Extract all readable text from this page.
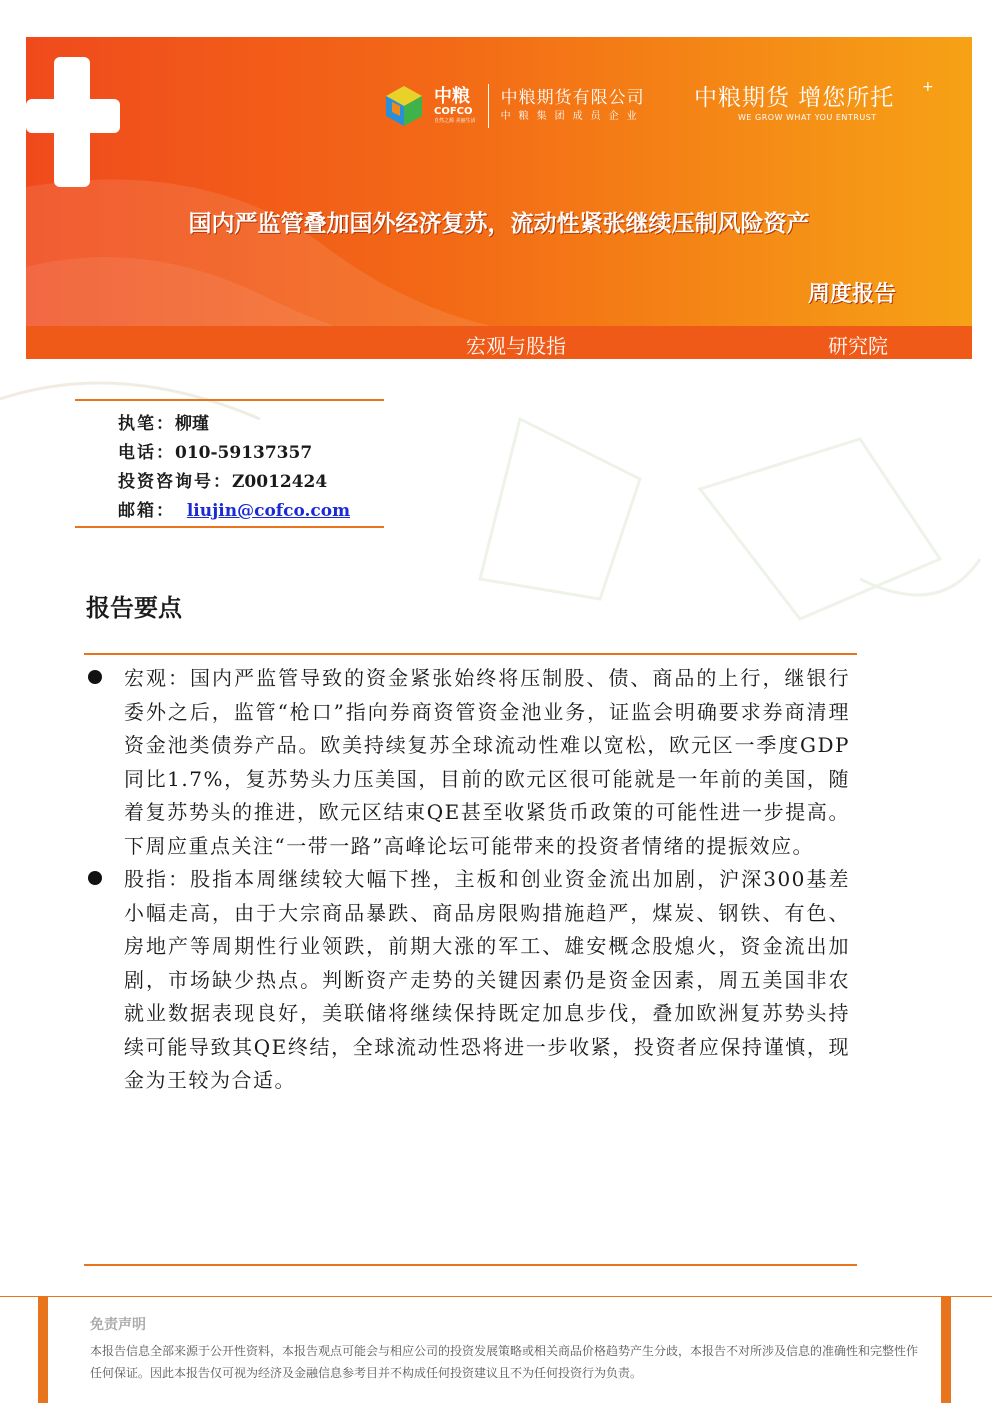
中粮
COFCO
自然之源 美丽生活
中粮期货有限公司
中粮集团成员企业
中粮期货 增您所托
WE GROW WHAT YOU ENTRUST
+
国内严监管叠加国外经济复苏，流动性紧张继续压制风险资产
周度报告
宏观与股指	研究院
执笔：柳瑾
电话：010-59137357
投资咨询号：Z0012424
邮箱： liujin@cofco.com
报告要点
宏观：国内严监管导致的资金紧张始终将压制股、债、商品的上行，继银行委外之后，监管“枪口”指向券商资管资金池业务，证监会明确要求券商清理资金池类债券产品。欧美持续复苏全球流动性难以宽松，欧元区一季度GDP同比1.7%，复苏势头力压美国，目前的欧元区很可能就是一年前的美国，随着复苏势头的推进，欧元区结束QE甚至收紧货币政策的可能性进一步提高。下周应重点关注“一带一路”高峰论坛可能带来的投资者情绪的提振效应。
股指：股指本周继续较大幅下挫，主板和创业资金流出加剧，沪深300基差小幅走高，由于大宗商品暴跌、商品房限购措施趋严，煤炭、钢铁、有色、房地产等周期性行业领跌，前期大涨的军工、雄安概念股熄火，资金流出加剧，市场缺少热点。判断资产走势的关键因素仍是资金因素，周五美国非农就业数据表现良好，美联储将继续保持既定加息步伐，叠加欧洲复苏势头持续可能导致其QE终结，全球流动性恐将进一步收紧，投资者应保持谨慎，现金为王较为合适。
免责声明
本报告信息全部来源于公开性资料，本报告观点可能会与相应公司的投资发展策略或相关商品价格趋势产生分歧，本报告不对所涉及信息的准确性和完整性作任何保证。因此本报告仅可视为经济及金融信息参考目并不构成任何投资建议且不为任何投资行为负责。
